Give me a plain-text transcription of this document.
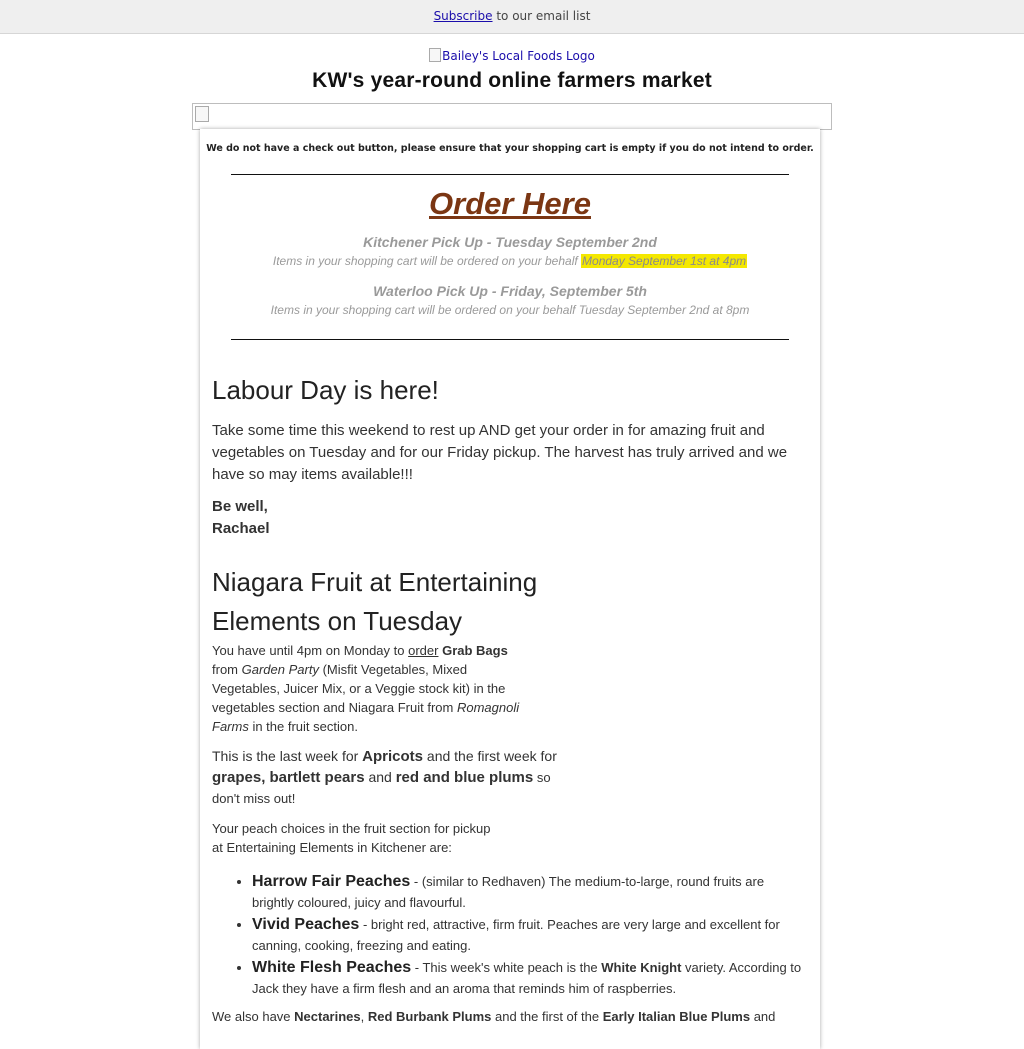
Subscribe to our email list
Bailey's Local Foods Logo
KW's year-round online farmers market
We do not have a check out button, please ensure that your shopping cart is empty if you do not intend to order.
Order Here
Kitchener Pick Up - Tuesday September 2nd
Items in your shopping cart will be ordered on your behalf Monday September 1st at 4pm
Waterloo Pick Up - Friday, September 5th
Items in your shopping cart will be ordered on your behalf Tuesday September 2nd at 8pm
Labour Day is here!
Take some time this weekend to rest up AND get your order in for amazing fruit and vegetables on Tuesday and for our Friday pickup. The harvest has truly arrived and we have so may items available!!!
Be well,
Rachael
Niagara Fruit at Entertaining Elements on Tuesday
You have until 4pm on Monday to order Grab Bags from Garden Party (Misfit Vegetables, Mixed Vegetables, Juicer Mix, or a Veggie stock kit) in the vegetables section and Niagara Fruit from Romagnoli Farms in the fruit section.
This is the last week for Apricots and the first week for grapes, bartlett pears and red and blue plums so don't miss out!
Your peach choices in the fruit section for pickup at Entertaining Elements in Kitchener are:
• Harrow Fair Peaches - (similar to Redhaven) The medium-to-large, round fruits are brightly coloured, juicy and flavourful.
• Vivid Peaches - bright red, attractive, firm fruit. Peaches are very large and excellent for canning, cooking, freezing and eating.
• White Flesh Peaches - This week's white peach is the White Knight variety. According to Jack they have a firm flesh and an aroma that reminds him of raspberries.
We also have Nectarines, Red Burbank Plums and the first of the Early Italian Blue Plums and
